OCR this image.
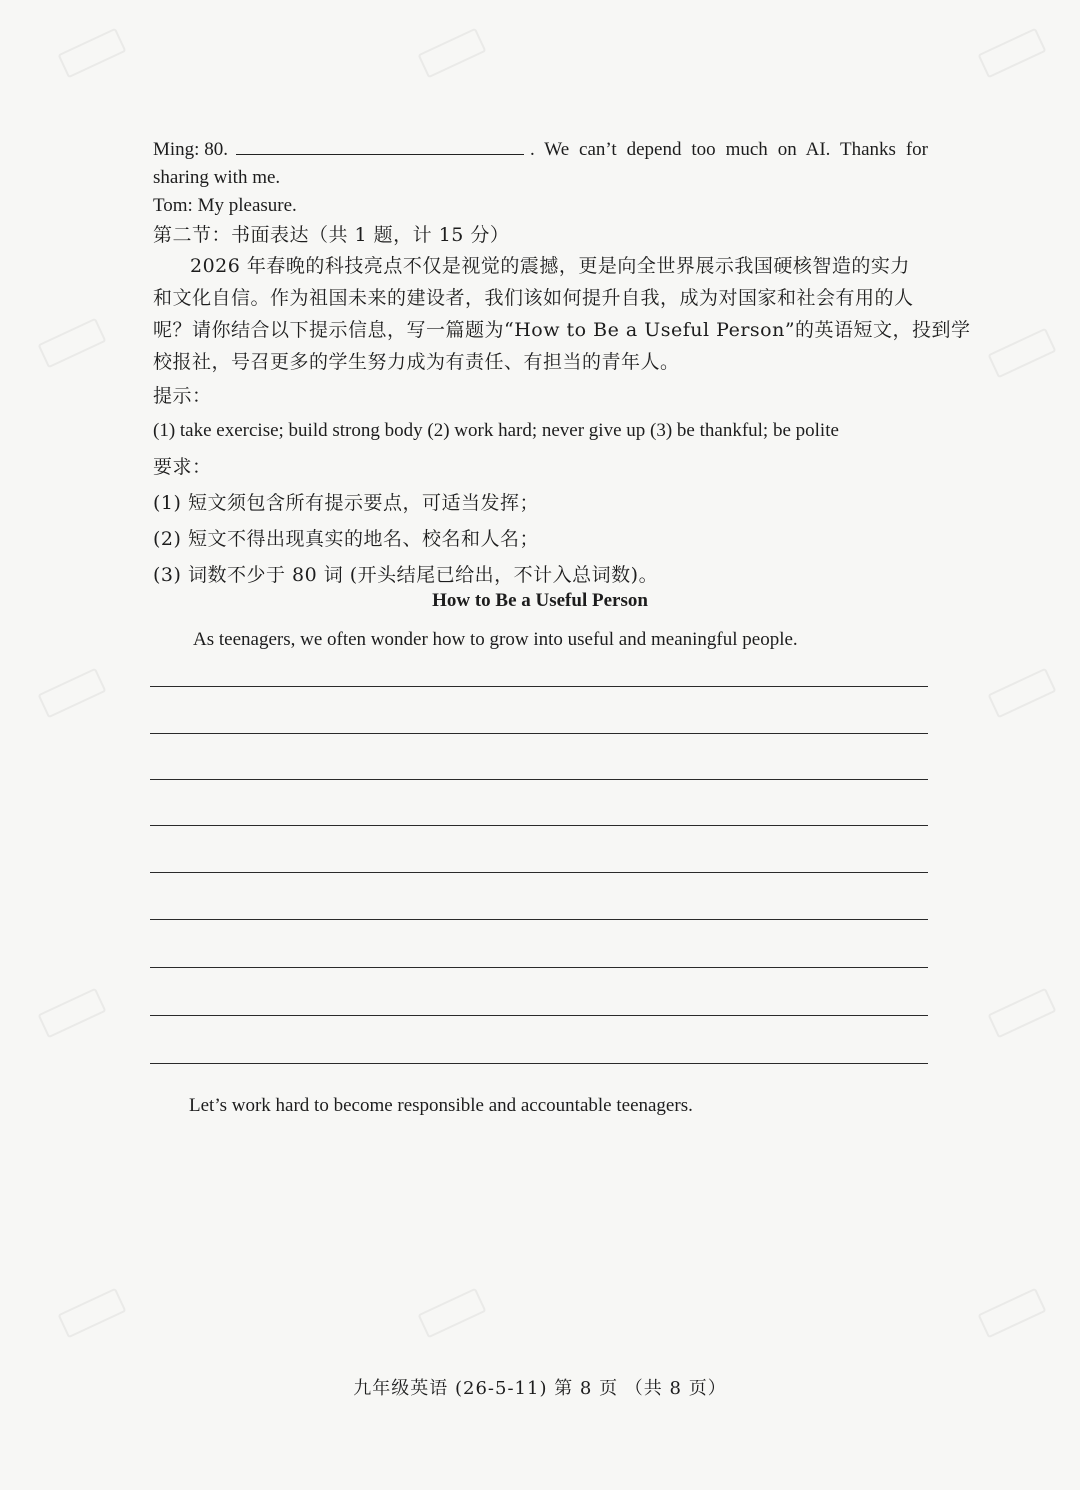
Ming: 80.	. We can’t depend too much on AI. Thanks for
sharing with me.
Tom: My pleasure.
第二节：书面表达（共 1 题，计 15 分）
2026 年春晚的科技亮点不仅是视觉的震撼，更是向全世界展示我国硬核智造的实力
和文化自信。作为祖国未来的建设者，我们该如何提升自我，成为对国家和社会有用的人
呢？请你结合以下提示信息，写一篇题为“How to Be a Useful Person”的英语短文，投到学
校报社，号召更多的学生努力成为有责任、有担当的青年人。
提示：
(1) take exercise; build strong body (2) work hard; never give up (3) be thankful; be polite
要求：
(1) 短文须包含所有提示要点，可适当发挥；
(2) 短文不得出现真实的地名、校名和人名；
(3) 词数不少于 80 词 (开头结尾已给出，不计入总词数)。
How to Be a Useful Person
As teenagers, we often wonder how to grow into useful and meaningful people.
Let’s work hard to become responsible and accountable teenagers.
九年级英语 (26-5-11) 第 8 页 （共 8 页）
